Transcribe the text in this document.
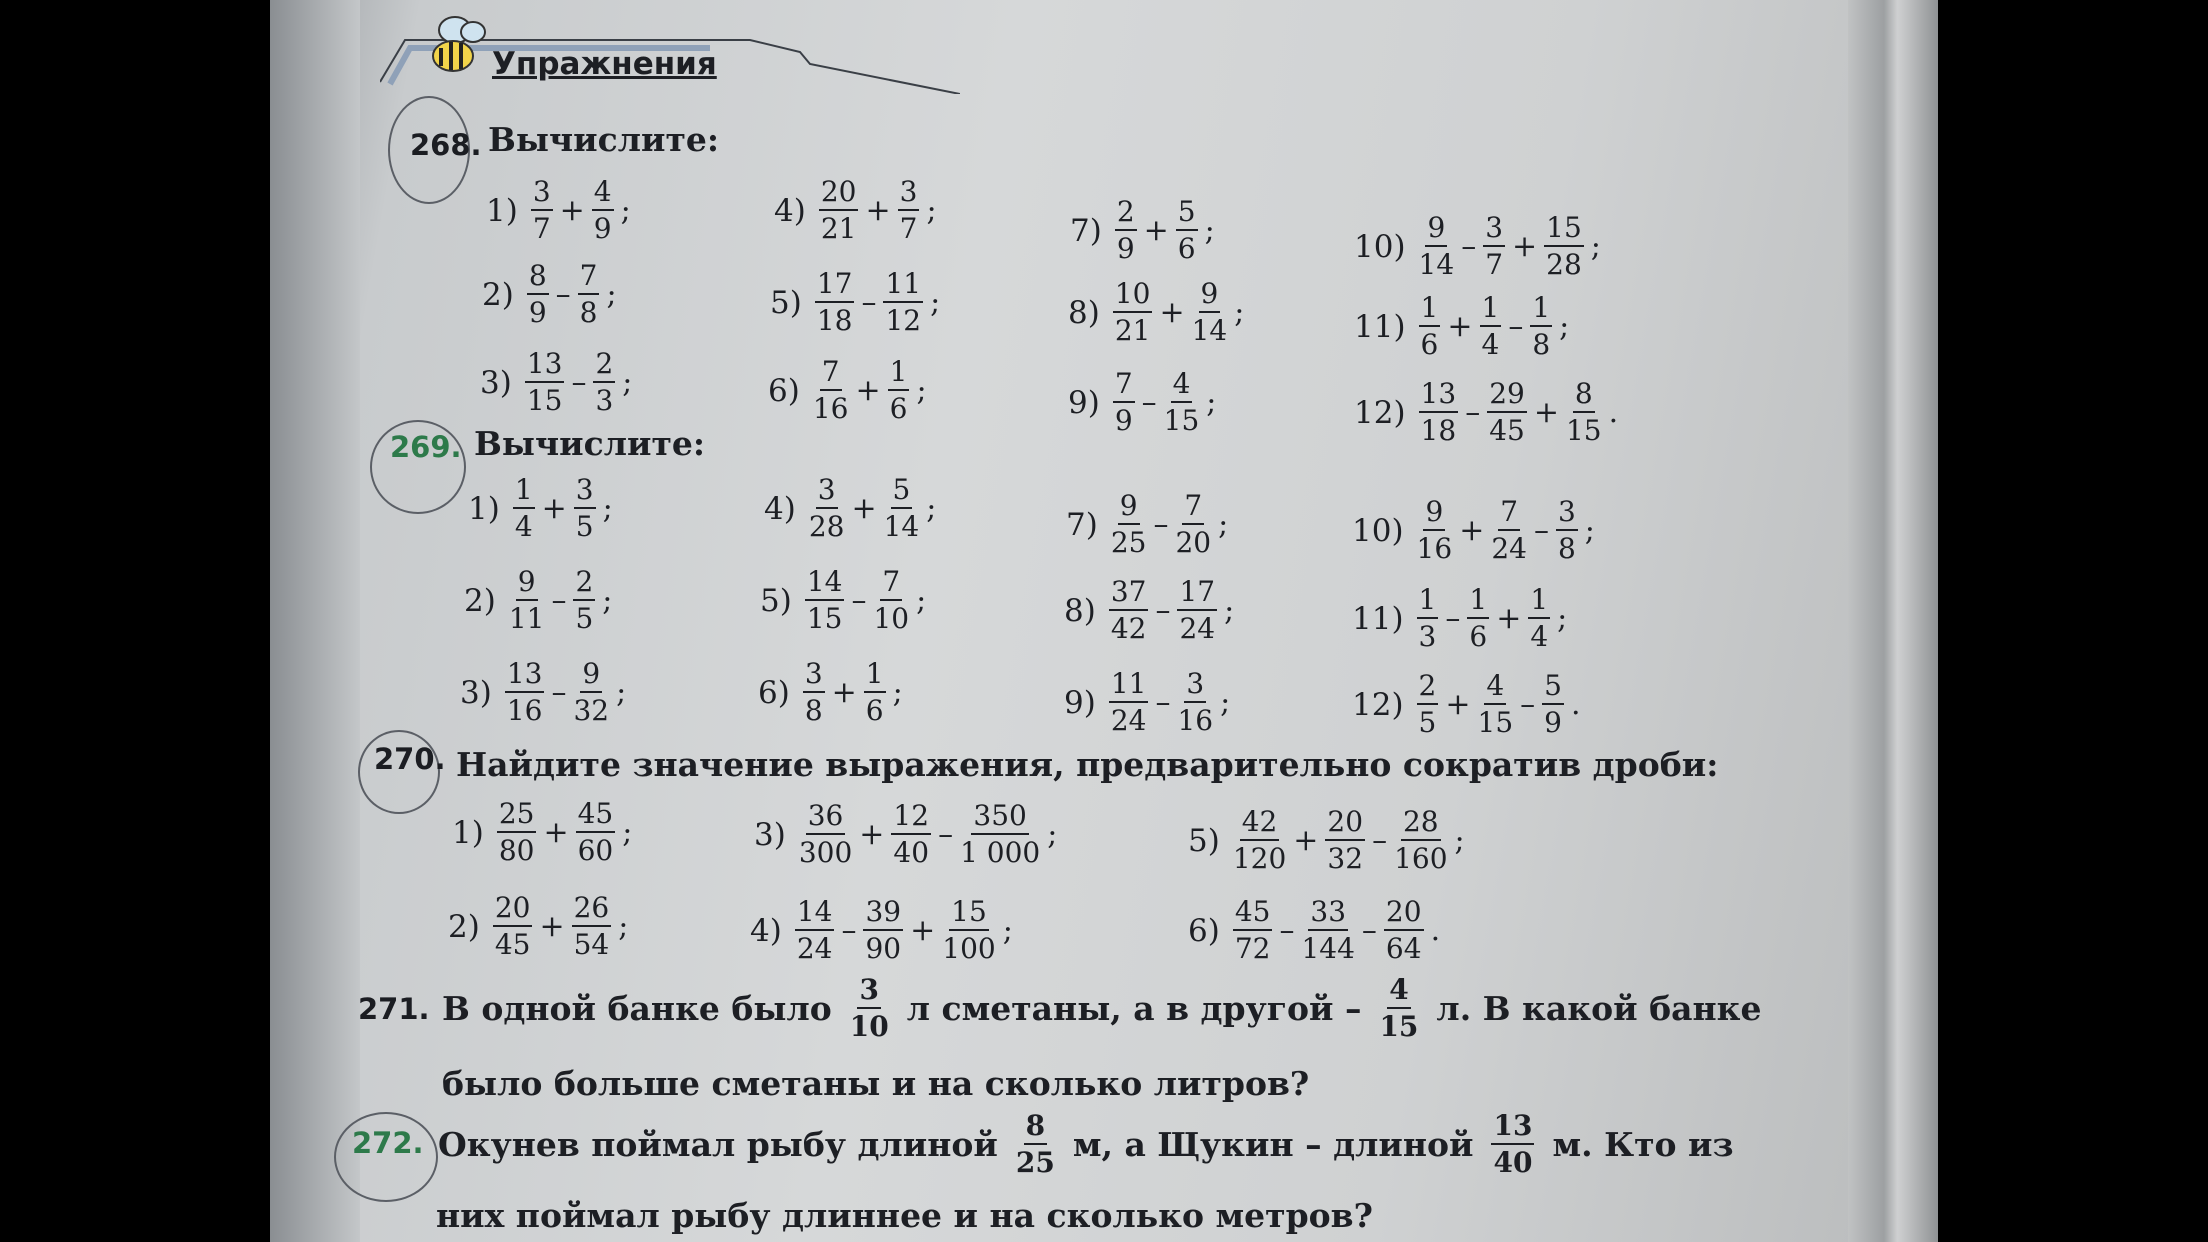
Упражнения
268. Вычислите:
1)
3
7
+ $\frac{4}{9}$ ;
2)
8
9
–
7
8
;
3)
13
15
–
2
3
;
4)
20
21
+ $\frac{3}{7}$ ;
5)
17
18
–
11
12
;
6)
7
16
+ $\frac{1}{6}$ ;
7)
2
9
+ $\frac{5}{6}$ ;
8)
10
21
+ $\frac{9}{14}$ ;
9)
7
9
–
4
15
;
10)
9
14
–
3
7
+ $\frac{15}{28}$ ;
11)
1
6
+ $\frac{1}{4}$ –
1
8
;
12)
13
18
–
29
45
+ $\frac{8}{15}$ .
269. Вычислите:
1)
1
4
+ $\frac{3}{5}$ ;
2)
9
11
–
2
5
;
3)
13
16
–
9
32
;
4)
3
28
+ $\frac{5}{14}$ ;
5)
14
15
–
7
10
;
6)
3
8
+ $\frac{1}{6}$ ;
7)
9
25
–
7
20
;
8)
37
42
–
17
24
;
9)
11
24
–
3
16
;
10)
9
16
+ $\frac{7}{24}$ –
3
8
;
11)
1
3
–
1
6
+ $\frac{1}{4}$ ;
12)
2
5
+ $\frac{4}{15}$ –
5
9
.
270. Найдите значение выражения, предварительно сократив дроби:
1)
25
80
+ $\frac{45}{60}$ ;
2)
20
45
+ $\frac{26}{54}$ ;
3)
36
300
+ $\frac{12}{40}$ –
350
1 000
;
4)
14
24
–
39
90
+ $\frac{15}{100}$ ;
5)
42
120
+ $\frac{20}{32}$ –
28
160
;
6)
45
72
–
33
144
–
20
64
.
271. В одной банке было 3
10 л сметаны, а в другой – 4
15 л. В какой банке
было больше сметаны и на сколько литров?
272. Окунев поймал рыбу длиной 8
25 м, а Щукин – длиной 13
40 м. Кто из
них поймал рыбу длиннее и на сколько метров?
